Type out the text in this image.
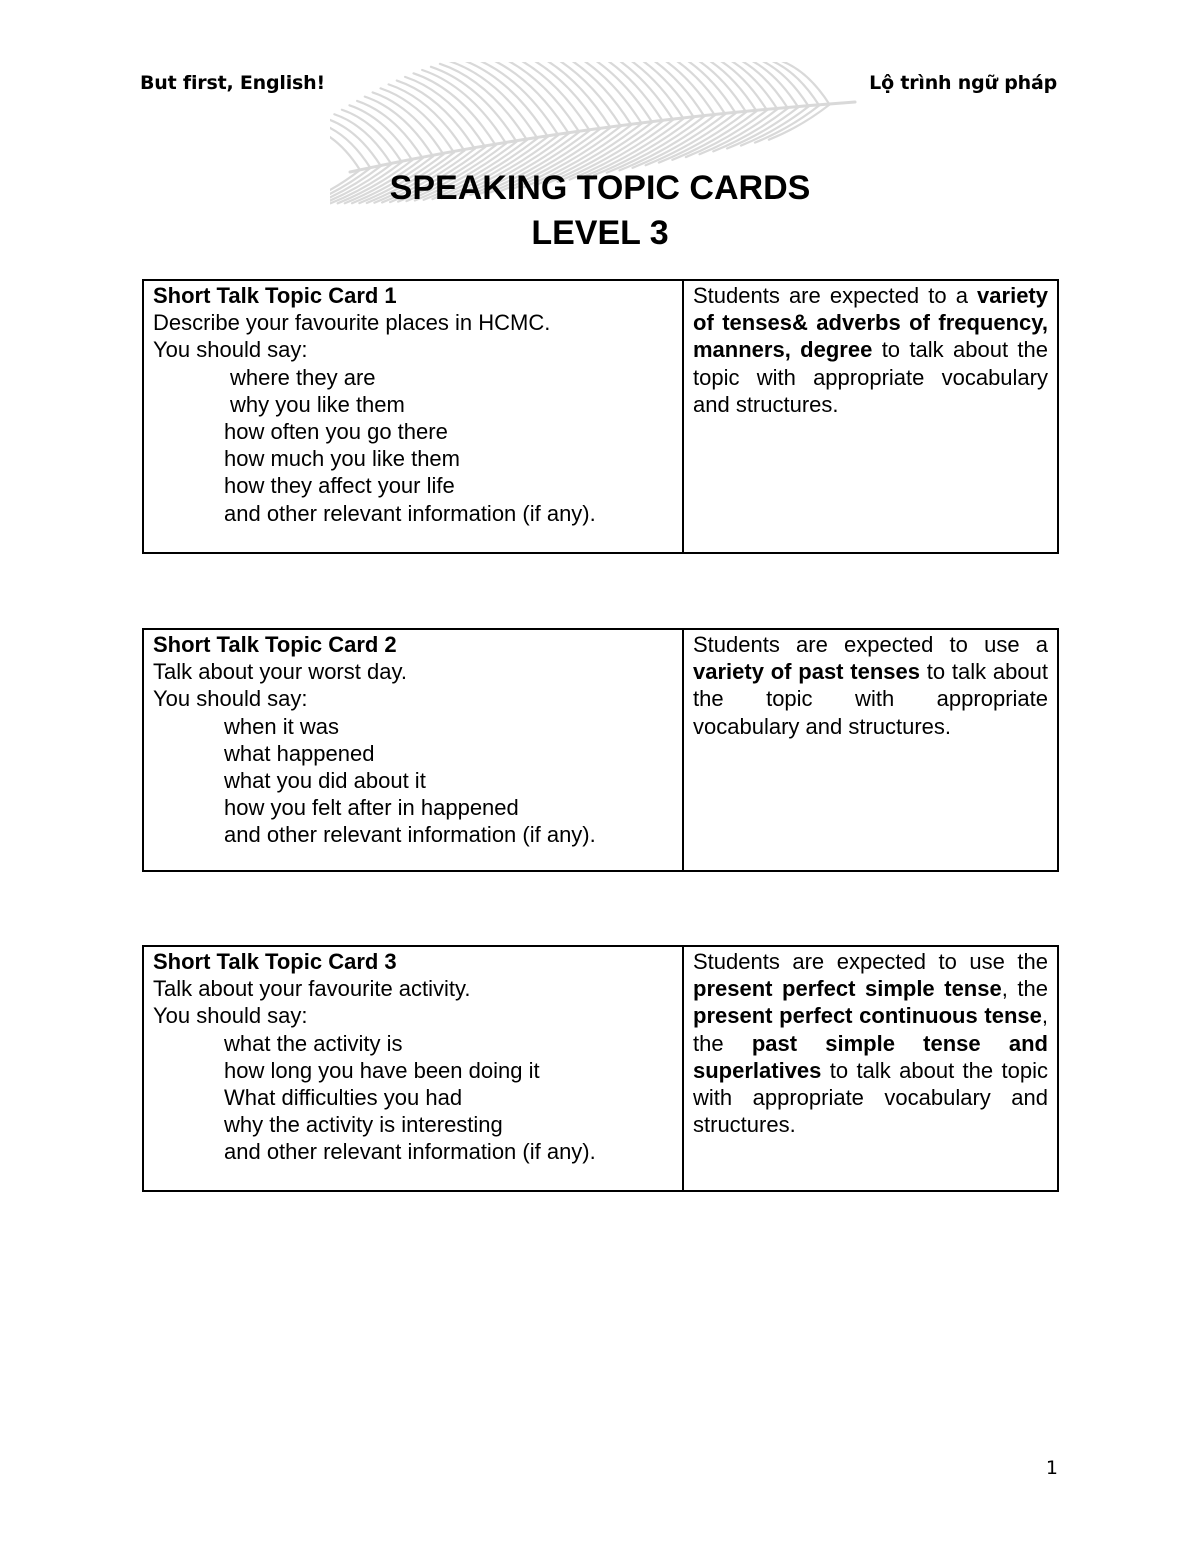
But first, English!	Lộ trình ngữ pháp
SPEAKING TOPIC CARDS
LEVEL 3
Short Talk Topic Card 1
Describe your favourite places in HCMC.
You should say:
where they are
why you like them
how often you go there
how much you like them
how they affect your life
and other relevant information (if any).
	Students are expected to a variety of tenses& adverbs of frequency, manners, degree to talk about the topic with appropriate vocabulary and structures.
Short Talk Topic Card 2
Talk about your worst day.
You should say:
when it was
what happened
what you did about it
how you felt after in happened
and other relevant information (if any).
	Students are expected to use a variety of past tenses to talk about the topic with appropriate vocabulary and structures.
Short Talk Topic Card 3
Talk about your favourite activity.
You should say:
what the activity is
how long you have been doing it
What difficulties you had
why the activity is interesting
and other relevant information (if any).
	Students are expected to use the present perfect simple tense, the present perfect continuous tense, the past simple tense and superlatives to talk about the topic with appropriate vocabulary and structures.
1
